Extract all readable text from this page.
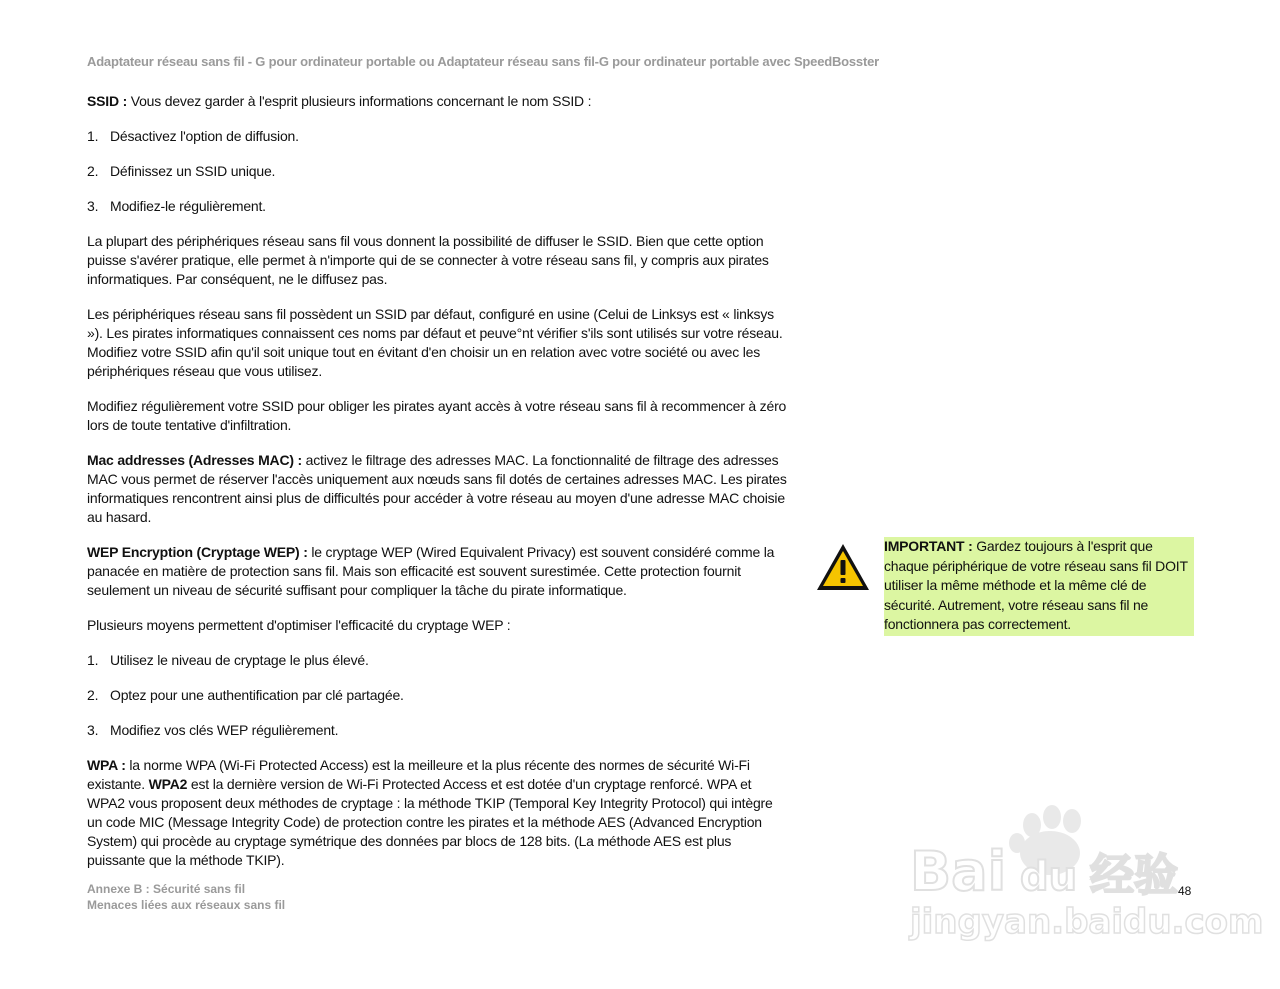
Adaptateur réseau sans fil - G pour ordinateur portable ou Adaptateur réseau sans fil-G pour ordinateur portable avec SpeedBosster

SSID : Vous devez garder à l'esprit plusieurs informations concernant le nom SSID :

1. Désactivez l'option de diffusion.

2. Définissez un SSID unique.

3. Modifiez-le régulièrement.

La plupart des périphériques réseau sans fil vous donnent la possibilité de diffuser le SSID. Bien que cette option puisse s'avérer pratique, elle permet à n'importe qui de se connecter à votre réseau sans fil, y compris aux pirates informatiques. Par conséquent, ne le diffusez pas.

Les périphériques réseau sans fil possèdent un SSID par défaut, configuré en usine (Celui de Linksys est « linksys »). Les pirates informatiques connaissent ces noms par défaut et peuve°nt vérifier s'ils sont utilisés sur votre réseau. Modifiez votre SSID afin qu'il soit unique tout en évitant d'en choisir un en relation avec votre société ou avec les périphériques réseau que vous utilisez.

Modifiez régulièrement votre SSID pour obliger les pirates ayant accès à votre réseau sans fil à recommencer à zéro lors de toute tentative d'infiltration.

Mac addresses (Adresses MAC) : activez le filtrage des adresses MAC. La fonctionnalité de filtrage des adresses MAC vous permet de réserver l'accès uniquement aux nœuds sans fil dotés de certaines adresses MAC. Les pirates informatiques rencontrent ainsi plus de difficultés pour accéder à votre réseau au moyen d'une adresse MAC choisie au hasard.

WEP Encryption (Cryptage WEP) : le cryptage WEP (Wired Equivalent Privacy) est souvent considéré comme la panacée en matière de protection sans fil. Mais son efficacité est souvent surestimée. Cette protection fournit seulement un niveau de sécurité suffisant pour compliquer la tâche du pirate informatique.

Plusieurs moyens permettent d'optimiser l'efficacité du cryptage WEP :

1. Utilisez le niveau de cryptage le plus élevé.

2. Optez pour une authentification par clé partagée.

3. Modifiez vos clés WEP régulièrement.

WPA : la norme WPA (Wi-Fi Protected Access) est la meilleure et la plus récente des normes de sécurité Wi-Fi existante. WPA2 est la dernière version de Wi-Fi Protected Access et est dotée d'un cryptage renforcé. WPA et WPA2 vous proposent deux méthodes de cryptage : la méthode TKIP (Temporal Key Integrity Protocol) qui intègre un code MIC (Message Integrity Code) de protection contre les pirates et la méthode AES (Advanced Encryption System) qui procède au cryptage symétrique des données par blocs de 128 bits. (La méthode AES est plus puissante que la méthode TKIP).

IMPORTANT : Gardez toujours à l'esprit que chaque périphérique de votre réseau sans fil DOIT utiliser la même méthode et la même clé de sécurité. Autrement, votre réseau sans fil ne fonctionnera pas correctement.
Annexe B : Sécurité sans fil
Menaces liées aux réseaux sans fil
48
Bai du 经验
jingyan.baidu.com
